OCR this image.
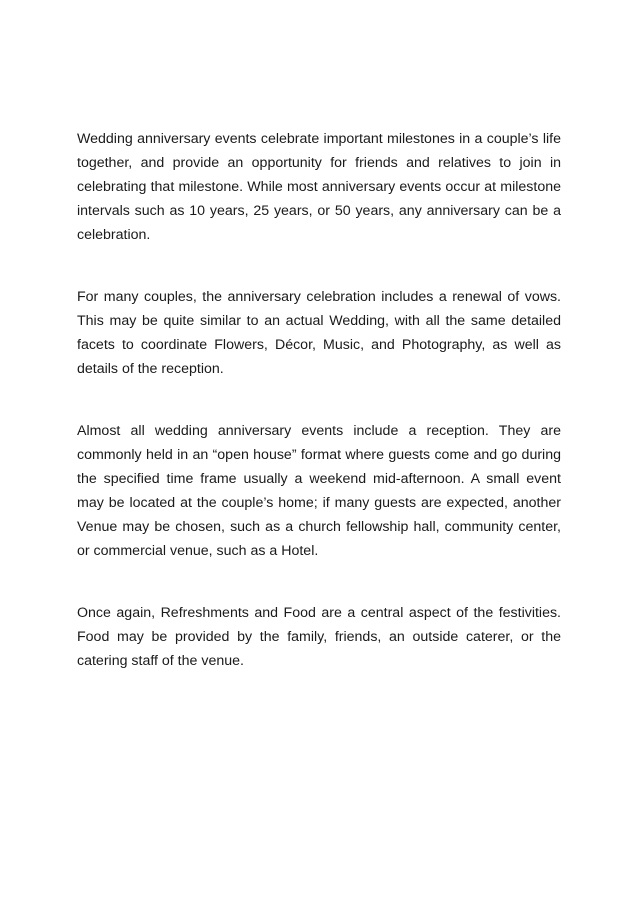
Wedding anniversary events celebrate important milestones in a couple’s life together, and provide an opportunity for friends and relatives to join in celebrating that milestone. While most anniversary events occur at milestone intervals such as 10 years, 25 years, or 50 years, any anniversary can be a celebration.

For many couples, the anniversary celebration includes a renewal of vows. This may be quite similar to an actual Wedding, with all the same detailed facets to coordinate Flowers, Décor, Music, and Photography, as well as details of the reception.

Almost all wedding anniversary events include a reception. They are commonly held in an “open house” format where guests come and go during the specified time frame usually a weekend mid-afternoon. A small event may be located at the couple’s home; if many guests are expected, another Venue may be chosen, such as a church fellowship hall, community center, or commercial venue, such as a Hotel.

Once again, Refreshments and Food are a central aspect of the festivities. Food may be provided by the family, friends, an outside caterer, or the catering staff of the venue.
